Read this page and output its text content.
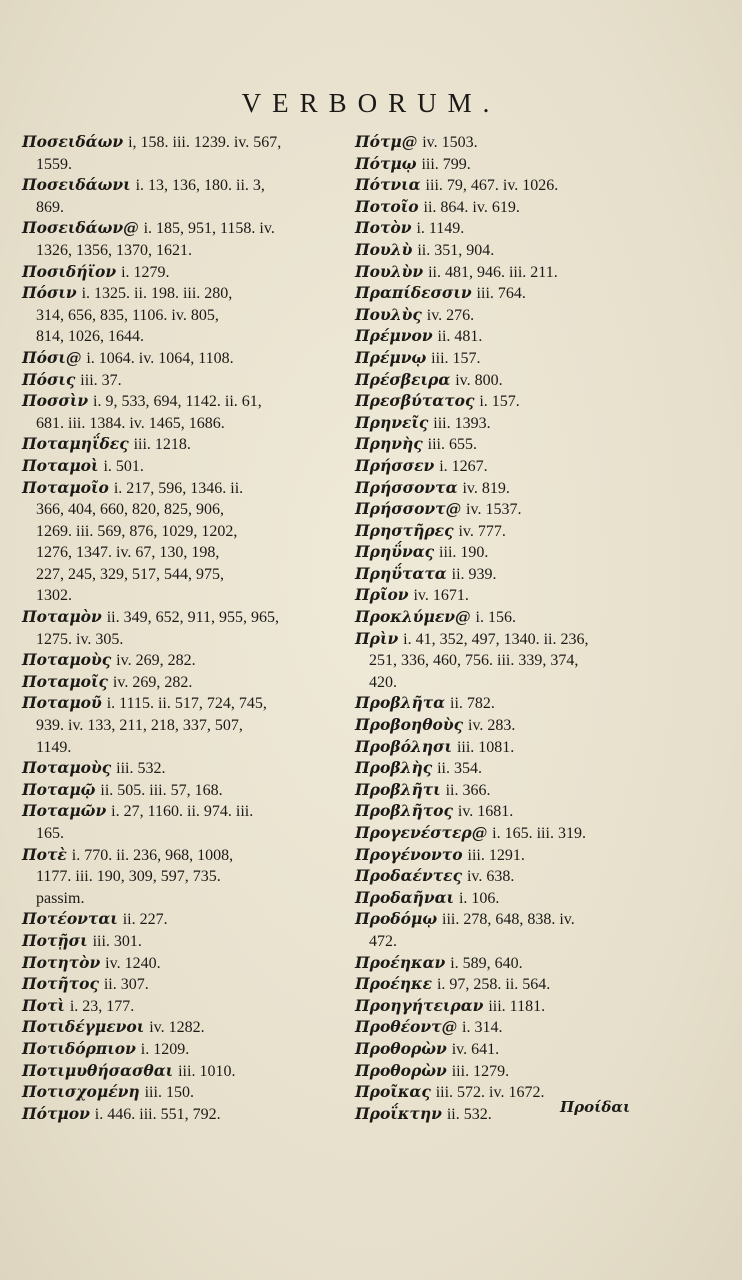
VERBORUM.
Ποσειδάων i, 158. iii. 1239. iv. 567,
1559.
Ποσειδάωνι i. 13, 136, 180. ii. 3,
869.
Ποσειδάων@ i. 185, 951, 1158. iv.
1326, 1356, 1370, 1621.
Ποσιδήϊον i. 1279.
Πόσιν i. 1325. ii. 198. iii. 280,
314, 656, 835, 1106. iv. 805,
814, 1026, 1644.
Πόσι@ i. 1064. iv. 1064, 1108.
Πόσις iii. 37.
Ποσσὶν i. 9, 533, 694, 1142. ii. 61,
681. iii. 1384. iv. 1465, 1686.
Ποταμηΐδες iii. 1218.
Ποταμοὶ i. 501.
Ποταμοῖο i. 217, 596, 1346. ii.
366, 404, 660, 820, 825, 906,
1269. iii. 569, 876, 1029, 1202,
1276, 1347. iv. 67, 130, 198,
227, 245, 329, 517, 544, 975,
1302.
Ποταμὸν ii. 349, 652, 911, 955, 965,
1275. iv. 305.
Ποταμοὺς iv. 269, 282.
Ποταμοῖς iv. 269, 282.
Ποταμοῦ i. 1115. ii. 517, 724, 745,
939. iv. 133, 211, 218, 337, 507,
1149.
Ποταμοὺς iii. 532.
Ποταμῷ ii. 505. iii. 57, 168.
Ποταμῶν i. 27, 1160. ii. 974. iii.
165.
Ποτὲ i. 770. ii. 236, 968, 1008,
1177. iii. 190, 309, 597, 735.
passim.
Ποτέονται ii. 227.
Ποτῇσι iii. 301.
Ποτητὸν iv. 1240.
Ποτῆτος ii. 307.
Ποτὶ i. 23, 177.
Ποτιδέγμενοι iv. 1282.
Ποτιδόρπιον i. 1209.
Ποτιμυθήσασθαι iii. 1010.
Ποτισχομένη iii. 150.
Πότμον i. 446. iii. 551, 792.
Πότμ@ iv. 1503.
Πότμῳ iii. 799.
Πότνια iii. 79, 467. iv. 1026.
Ποτοῖο ii. 864. iv. 619.
Ποτὸν i. 1149.
Πουλὺ ii. 351, 904.
Πουλὺν ii. 481, 946. iii. 211.
Πραπίδεσσιν iii. 764.
Πουλὺς iv. 276.
Πρέμνον ii. 481.
Πρέμνῳ iii. 157.
Πρέσβειρα iv. 800.
Πρεσβύτατος i. 157.
Πρηνεῖς iii. 1393.
Πρηνὴς iii. 655.
Πρήσσεν i. 1267.
Πρήσσοντα iv. 819.
Πρήσσοντ@ iv. 1537.
Πρηστῆρες iv. 777.
Πρηΰνας iii. 190.
Πρηΰτατα ii. 939.
Πρῖον iv. 1671.
Προκλύμεν@ i. 156.
Πρὶν i. 41, 352, 497, 1340. ii. 236,
251, 336, 460, 756. iii. 339, 374,
420.
Προβλῆτα ii. 782.
Προβοηθοὺς iv. 283.
Προβόλησι iii. 1081.
Προβλὴς ii. 354.
Προβλῆτι ii. 366.
Προβλῆτος iv. 1681.
Προγενέστερ@ i. 165. iii. 319.
Προγένοντο iii. 1291.
Προδαέντες iv. 638.
Προδαῆναι i. 106.
Προδόμῳ iii. 278, 648, 838. iv.
472.
Προέηκαν i. 589, 640.
Προέηκε i. 97, 258. ii. 564.
Προηγήτειραν iii. 1181.
Προθέοντ@ i. 314.
Προθορὼν iv. 641.
Προθορὼν iii. 1279.
Προῖκας iii. 572. iv. 1672.
Προΐκτην ii. 532.	Προίδαι
